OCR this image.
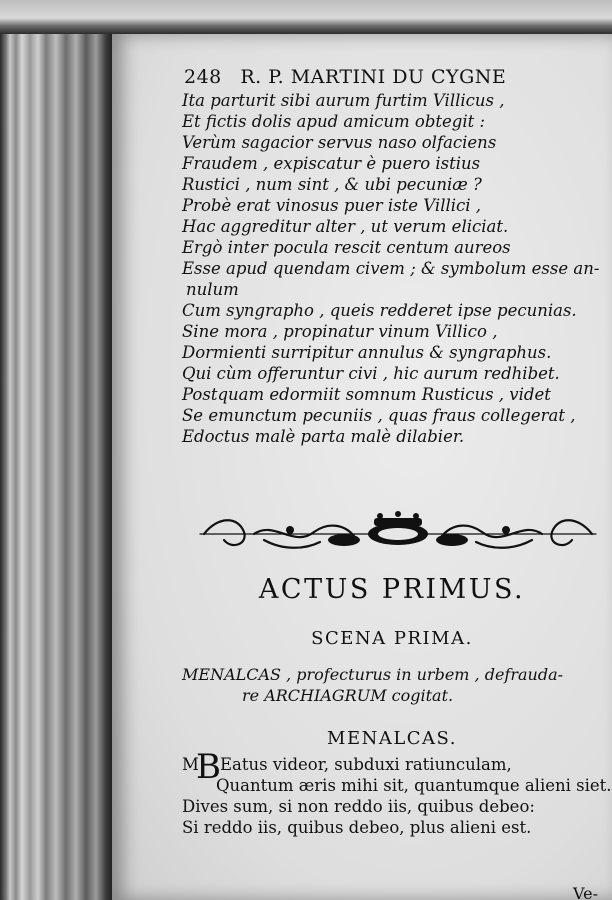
248 R. P. MARTINI DU CYGNE
Ita parturit sibi aurum furtim Villicus ,
Et fictis dolis apud amicum obtegit :
Verùm sagacior servus naso olfaciens
Fraudem , expiscatur è puero istius
Rustici , num sint , & ubi pecuniæ ?
Probè erat vinosus puer iste Villici ,
Hac aggreditur alter , ut verum eliciat.
Ergò inter pocula rescit centum aureos
Esse apud quendam civem ; & symbolum esse an-
nulum
Cum syngrapho , queis redderet ipse pecunias.
Sine mora , propinatur vinum Villico ,
Dormienti surripitur annulus & syngraphus.
Qui cùm offeruntur civi , hic aurum redhibet.
Postquam edormiit somnum Rusticus , videt
Se emunctum pecuniis , quas fraus collegerat ,
Edoctus malè parta malè dilabier.
ACTUS PRIMUS.
SCENA PRIMA.
MENALCAS , profecturus in urbem , defrauda-
re ARCHIAGRUM cogitat.
MENALCAS.
M
B Eatus videor, subduxi ratiunculam,
Quantum æris mihi sit, quantumque alieni siet.
Dives sum, si non reddo iis, quibus debeo:
Si reddo iis, quibus debeo, plus alieni est.
Ve-
